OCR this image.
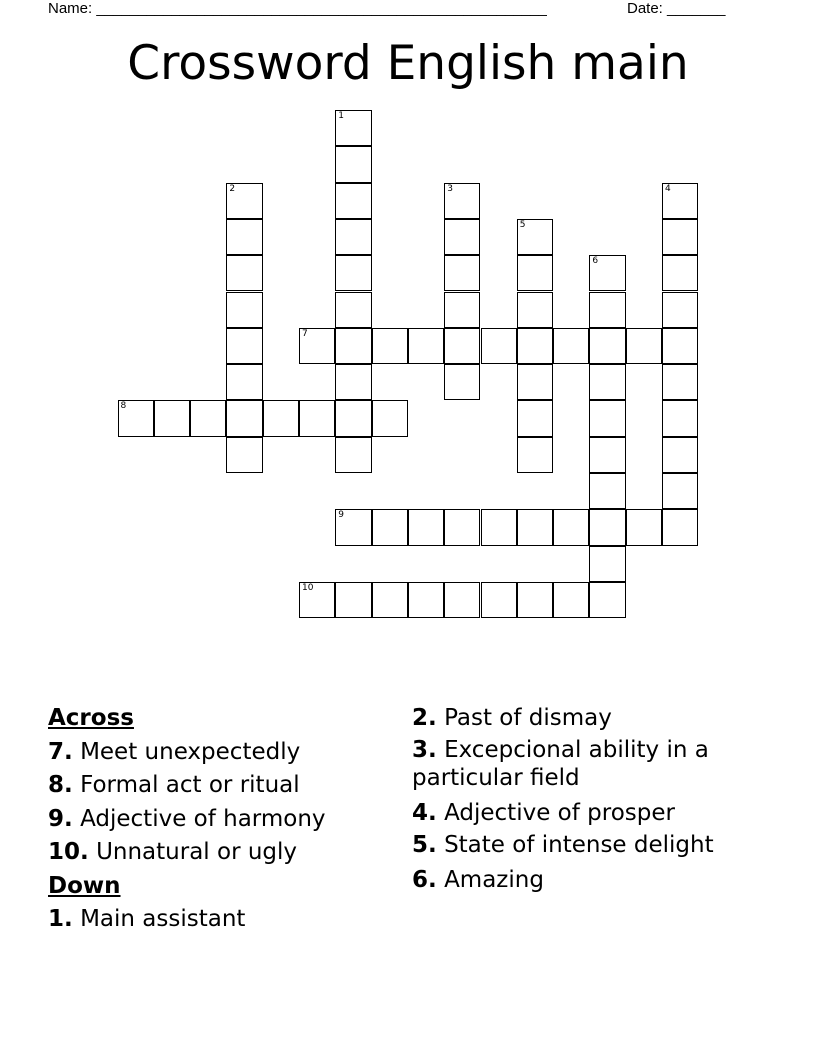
Name: ______________________________________________________	Date: _______
Crossword English main
1
2	3	4
5
6
7
8
9
10
Across
7. Meet unexpectedly
8. Formal act or ritual
9. Adjective of harmony
10. Unnatural or ugly
Down
1. Main assistant
2. Past of dismay
3. Excepcional ability in a particular field
4. Adjective of prosper
5. State of intense delight
6. Amazing
